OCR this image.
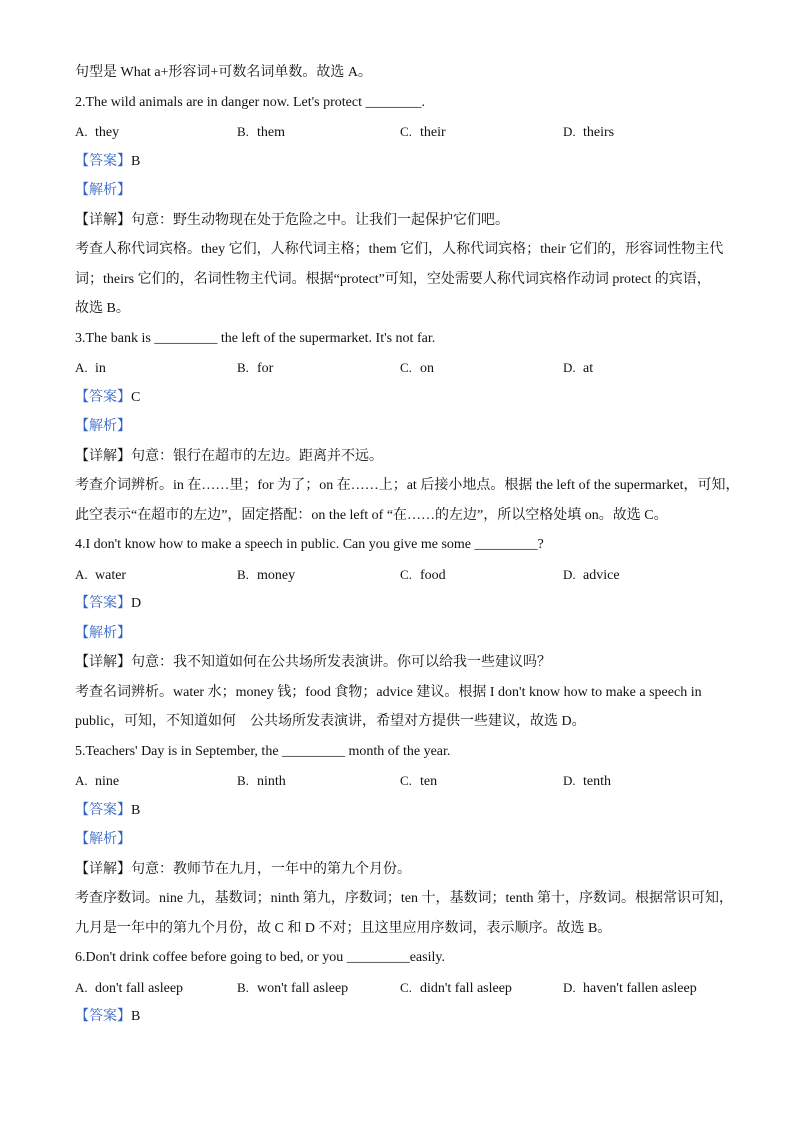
句型是 What a+形容词+可数名词单数。故选 A。
2.The wild animals are in danger now. Let's protect ________.
A. they	B. them	C. their	D. theirs
【答案】B
【解析】
【详解】句意：野生动物现在处于危险之中。让我们一起保护它们吧。
考查人称代词宾格。they 它们，人称代词主格；them 它们，人称代词宾格；their 它们的，形容词性物主代
词；theirs 它们的，名词性物主代词。根据“protect”可知，空处需要人称代词宾格作动词 protect 的宾语，
故选 B。
3.The bank is _________ the left of the supermarket. It's not far.
A. in	B. for	C. on	D. at
【答案】C
【解析】
【详解】句意：银行在超市的左边。距离并不远。
考查介词辨析。in 在……里；for 为了；on 在……上；at 后接小地点。根据 the left of the supermarket，可知，
此空表示“在超市的左边”，固定搭配：on the left of “在……的左边”，所以空格处填 on。故选 C。
4.I don't know how to make a speech in public. Can you give me some _________?
A. water	B. money	C. food	D. advice
【答案】D
【解析】
【详解】句意：我不知道如何在公共场所发表演讲。你可以给我一些建议吗？
考查名词辨析。water 水；money 钱；food 食物；advice 建议。根据 I don't know how to make a speech in
public，可知，不知道如何　公共场所发表演讲，希望对方提供一些建议，故选 D。
5.Teachers' Day is in September, the _________ month of the year.
A. nine	B. ninth	C. ten	D. tenth
【答案】B
【解析】
【详解】句意：教师节在九月，一年中的第九个月份。
考查序数词。nine 九，基数词；ninth 第九，序数词；ten 十，基数词；tenth 第十，序数词。根据常识可知，
九月是一年中的第九个月份，故 C 和 D 不对；且这里应用序数词，表示顺序。故选 B。
6.Don't drink coffee before going to bed, or you _________easily.
A. don't fall asleep	B. won't fall asleep	C. didn't fall asleep	D. haven't fallen asleep
【答案】B
